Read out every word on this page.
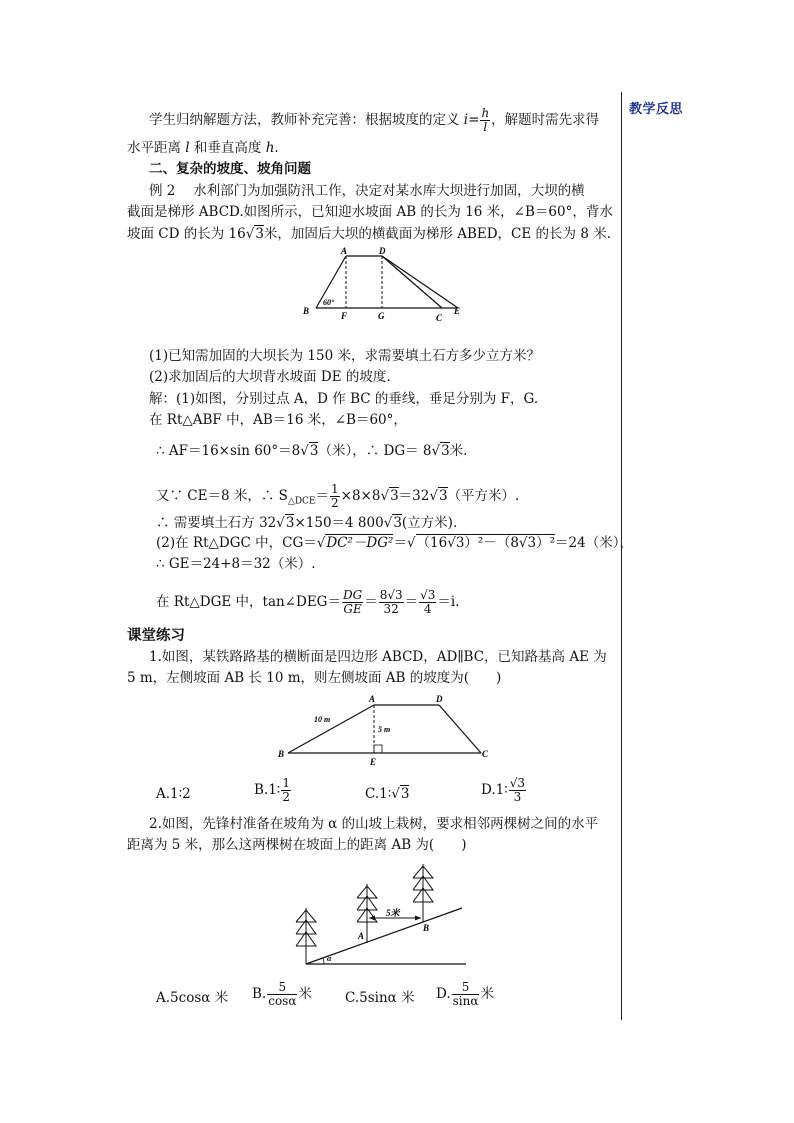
教学反思
学生归纳解题方法，教师补充完善：根据坡度的定义 $i= \frac{h}{l}$ ，解题时需先求得
水平距离 l 和垂直高度 h.
二、复杂的坡度、坡角问题
例 2　 水利部门为加强防汛工作，决定对某水库大坝进行加固，大坝的横
截面是梯形 ABCD.如图所示，已知迎水坡面 AB 的长为 16 米，∠B＝60°，背水
坡面 CD 的长为 16√3米，加固后大坝的横截面为梯形 ABED，CE 的长为 8 米.
A	D
B	F	G	C
E
60°
(1)已知需加固的大坝长为 150 米，求需要填土石方多少立方米？
(2)求加固后的大坝背水坡面 DE 的坡度.
解：(1)如图，分别过点 A，D 作 BC 的垂线，垂足分别为 F，G.
在 Rt△ABF 中，AB＝16 米，∠B＝60°，
∴ AF＝16×sin 60°＝8√3（米），∴ DG＝ 8√3米.
又∵ CE＝8 米，∴ $S_{\triangle DCE}= \frac{1}{2} \times 8\times 8√3=32√3$（平方米）.
∴ 需要填土石方 32√3×150＝4 800√3(立方米).
(2)在 Rt△DGC 中，CG＝√DC²－DG²＝√（16√3）²－（8√3）²＝24（米），
∴ GE＝24+8＝32（米）.
在 Rt△DGE 中，tan∠DEG＝ $\frac{DG}{GE} = \frac{8√3}{32} = \frac{√3}{4} =i$.
课堂练习
1.如图，某铁路路基的横断面是四边形 ABCD，AD∥BC，已知路基高 AE 为
5 m，左侧坡面 AB 长 10 m，则左侧坡面 AB 的坡度为(　　)
A	D
B
E
C
10 m
5 m
A.1∶2	B.1∶ $\frac{1}{2}$	C.1∶√3	D.1∶ $\frac{√3}{3}$
2.如图，先锋村准备在坡角为 α 的山坡上栽树，要求相邻两棵树之间的水平
距离为 5 米，那么这两棵树在坡面上的距离 AB 为(　　)
5米
A
B
α
A.5cosα 米 B. $\frac{5}{\cos\alpha}$ 米 C.5sinα 米 D. $\frac{5}{\sin\alpha}$ 米
